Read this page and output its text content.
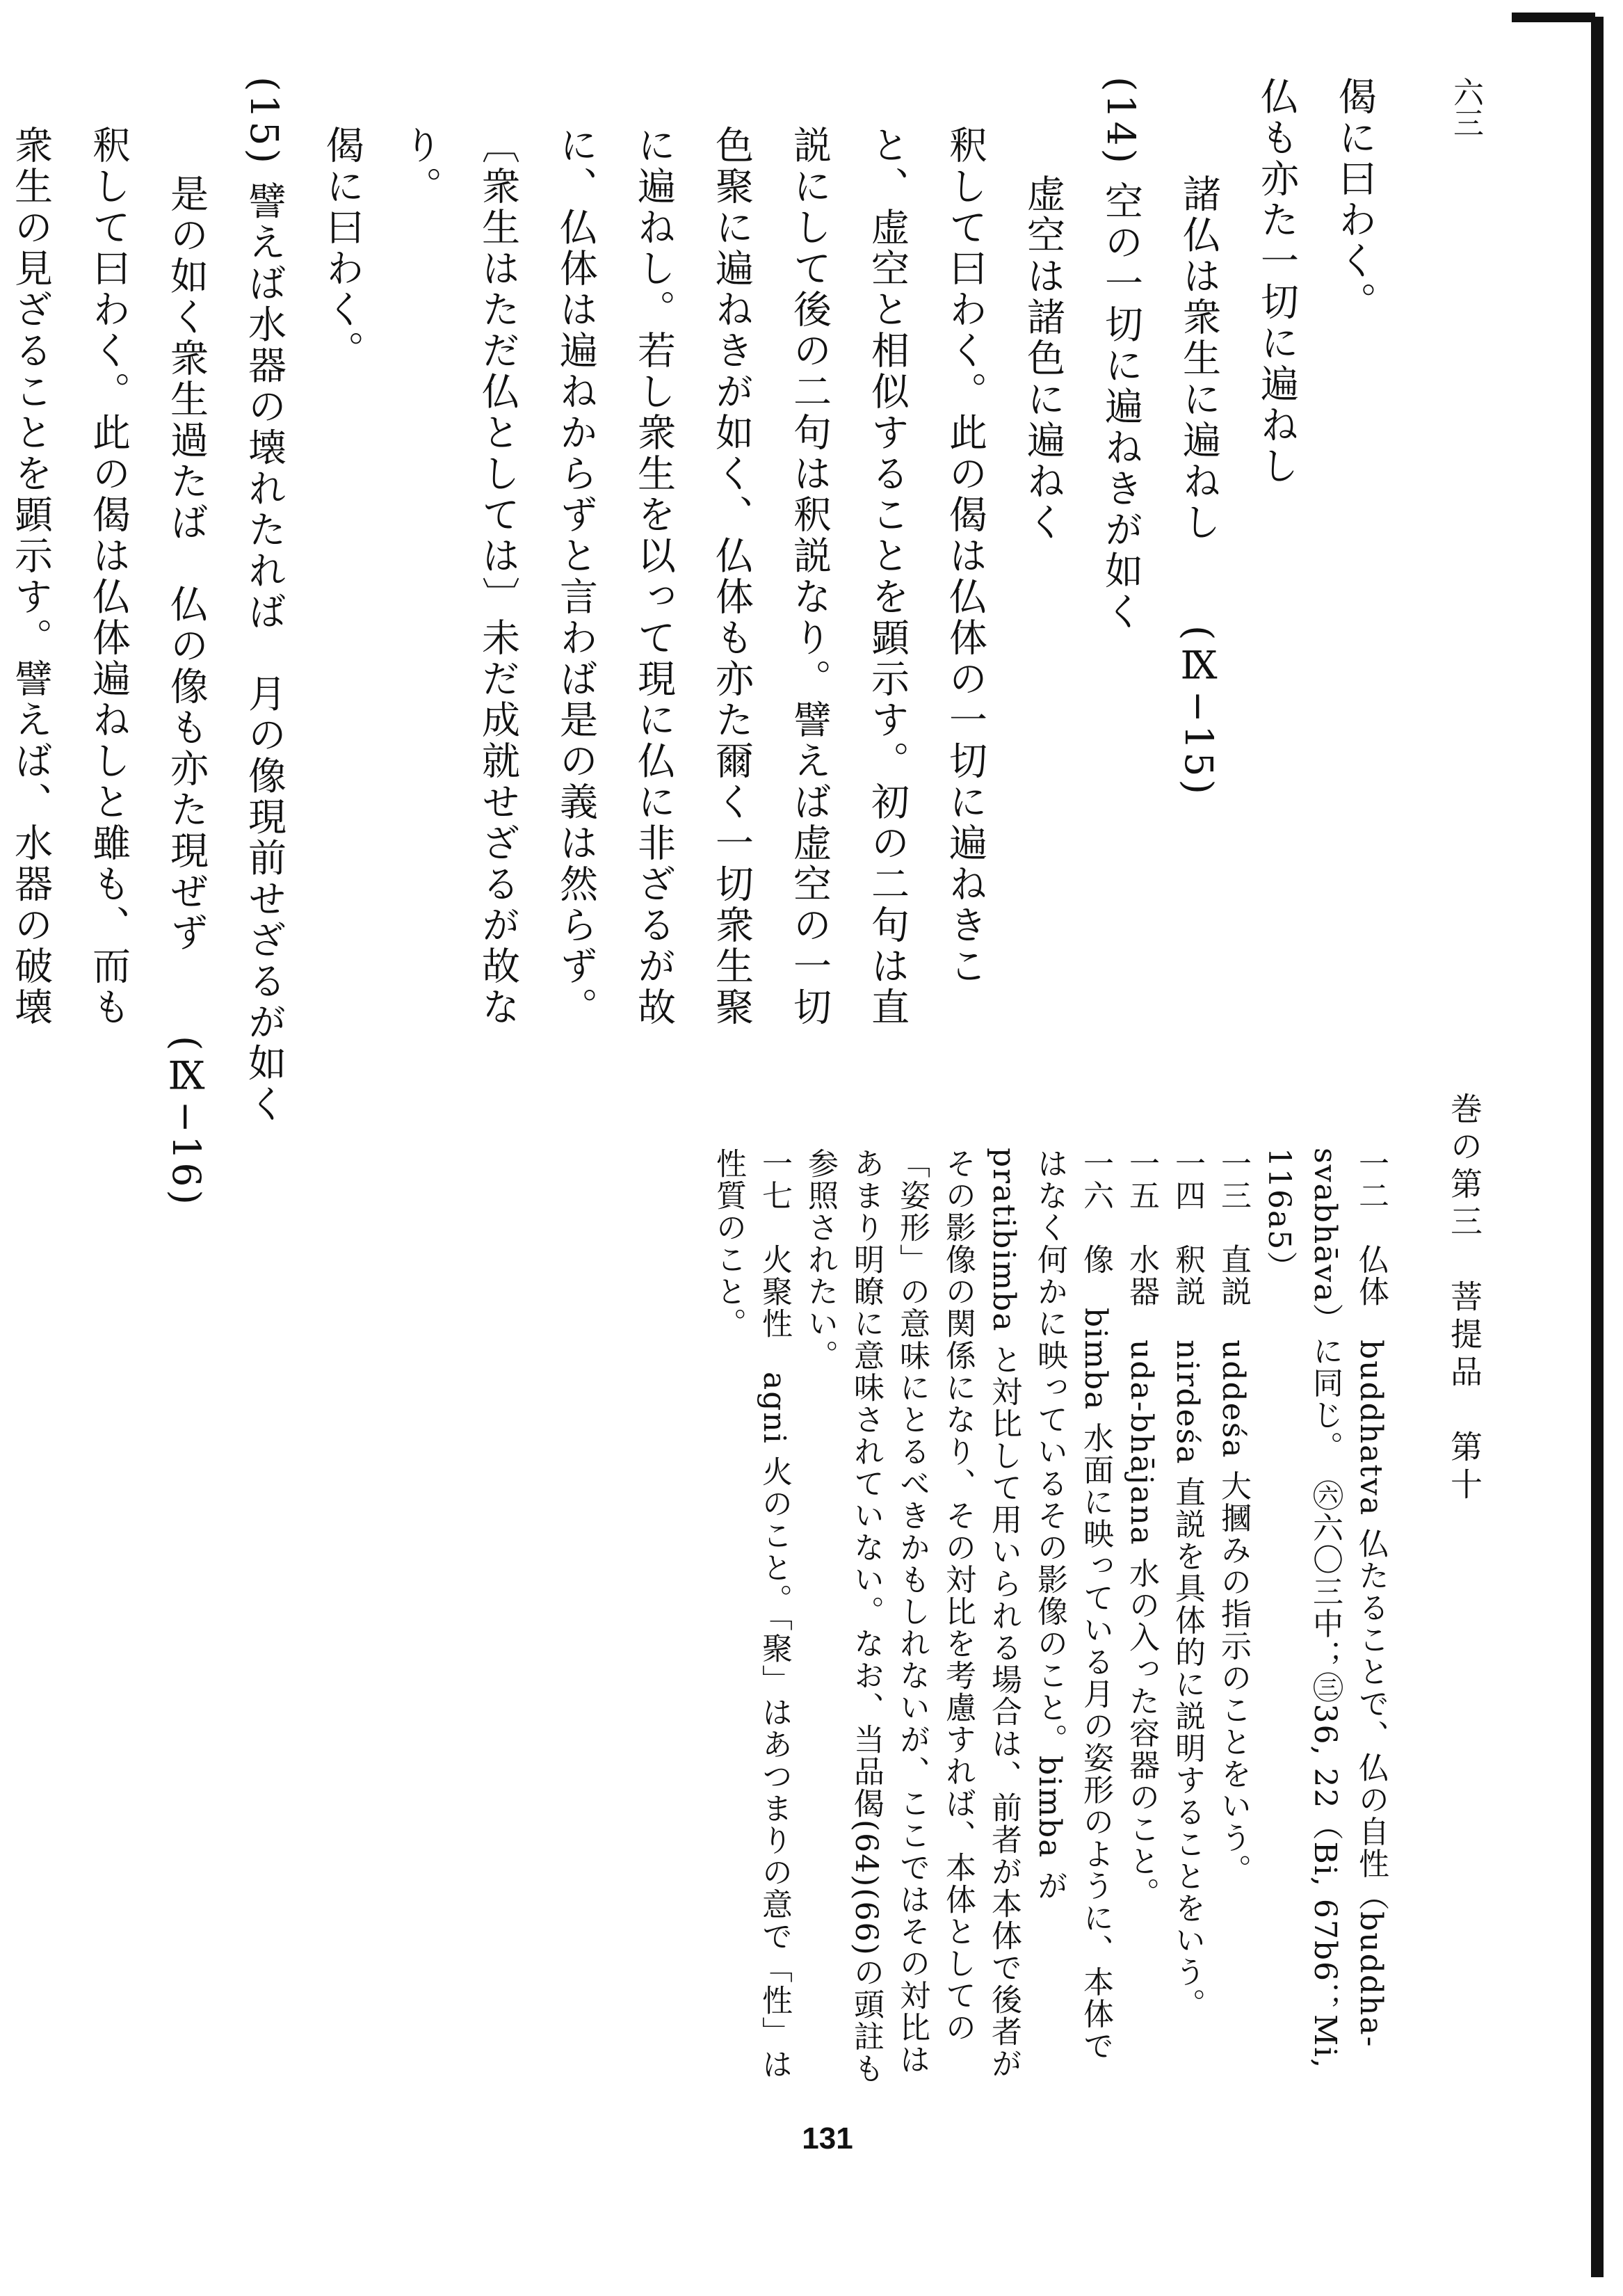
六三

偈に曰わく。

仏も亦た一切に遍ねし

諸仏は衆生に遍ねし　　(Ⅸ−15)

(14) 空の一切に遍ねきが如く

虚空は諸色に遍ねく

釈して曰わく。此の偈は仏体の一切に遍ねきこと、虚空と相似することを顕示す。初の二句は直説にして後の二句は釈説なり。譬えば虚空の一切色聚に遍ねきが如く、仏体も亦た爾く一切衆生聚に遍ねし。若し衆生を以って現に仏に非ざるが故に、仏体は遍ねからずと言わば是の義は然らず。〔衆生はただ仏としては〕未だ成就せざるが故なり。

偈に曰わく。

(15) 譬えば水器の壊れたれば　月の像現前せざるが如く

是の如く衆生過たば　仏の像も亦た現ぜず　　(Ⅸ−16)

釈して曰わく。此の偈は仏体遍ねしと雖も、而も衆生の見ざることを顕示す。譬えば、水器の破壊

巻の第三　菩提品　第十

一二　仏体　buddhatva 仏たることで、仏の自性（buddha-svabhāva）に同じ。　㊅六〇三中；㊂36, 22（Bi, 67b6；Mi, 116a5）

一三　直説　uddeśa 大摑みの指示のことをいう。

一四　釈説　nirdeśa 直説を具体的に説明することをいう。

一五　水器　uda-bhājana 水の入った容器のこと。

一六　像　bimba 水面に映っている月の姿形のように、本体ではなく何かに映っているその影像のこと。bimba が pratibimba と対比して用いられる場合は、前者が本体で後者がその影像の関係になり、その対比を考慮すれば、本体としての「姿形」の意味にとるべきかもしれないが、ここではその対比はあまり明瞭に意味されていない。なお、当品偈(64)(66)の頭註も参照されたい。

一七　火聚性　agni 火のこと。「聚」はあつまりの意で「性」は性質のこと。

131
